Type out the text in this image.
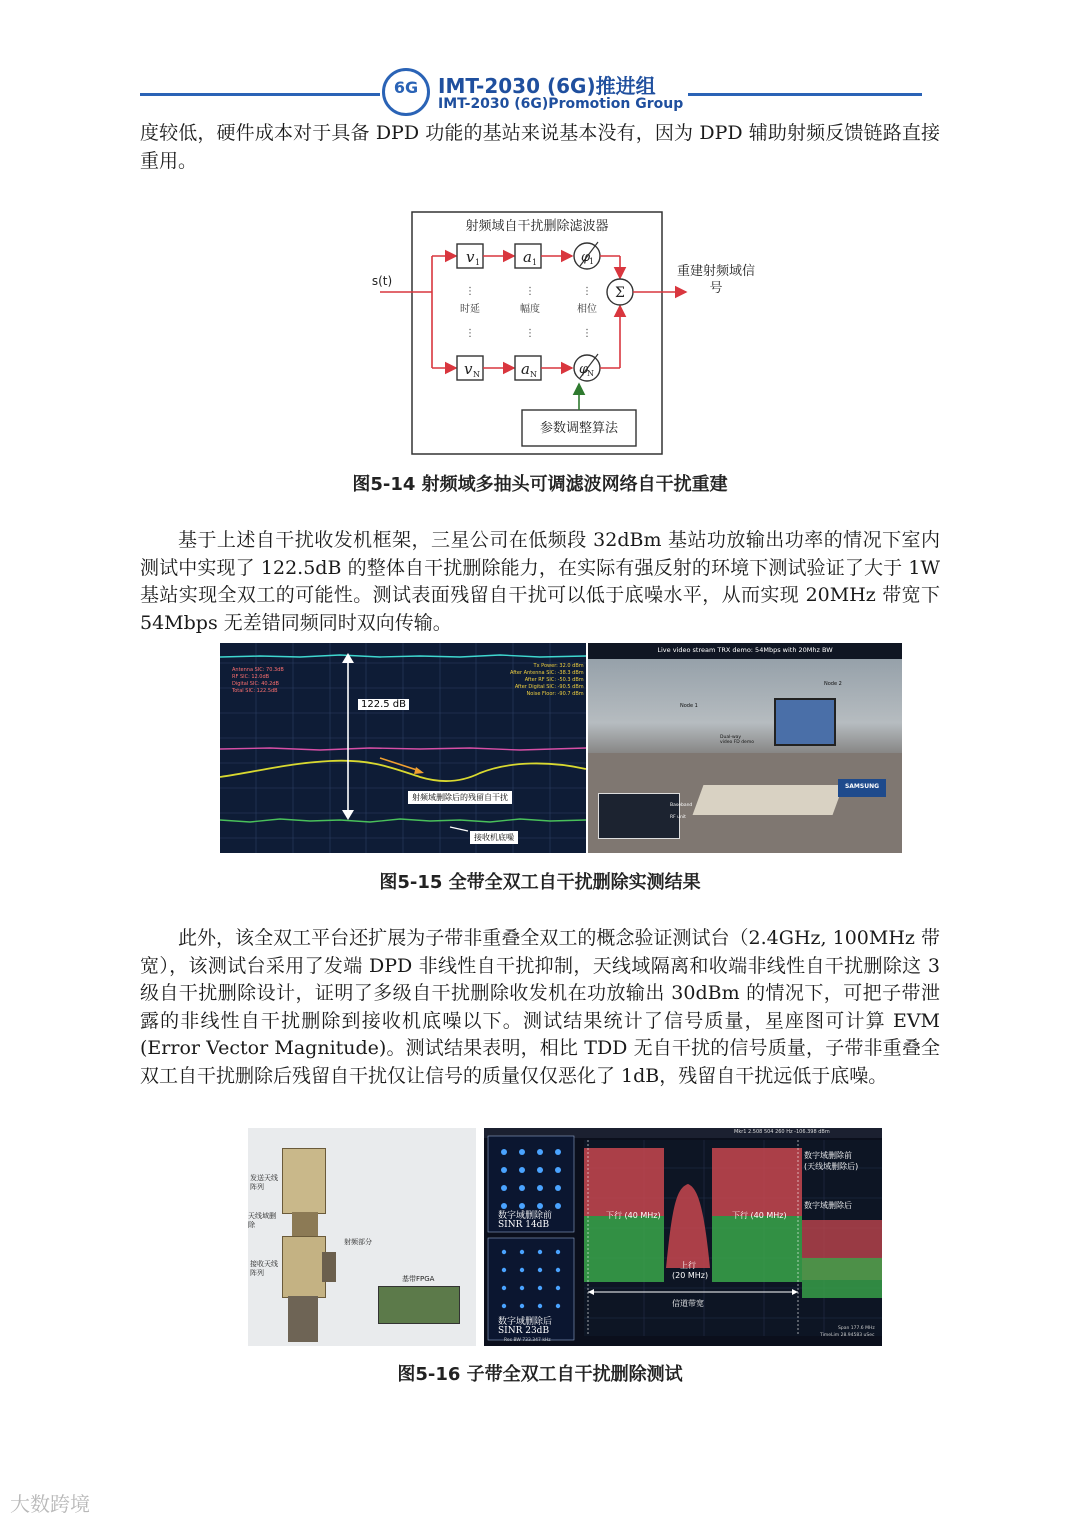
6G IMT-2030 (6G)推进组
IMT-2030 (6G)Promotion Group

度较低，硬件成本对于具备 DPD 功能的基站来说基本没有，因为 DPD 辅助射频反馈链路直接重用。

射频域自干扰删除滤波器
s(t)
重建射频域信
号
v 1	a 1	φ
1
v N	a N	φ
N
Σ
⋮
时延
⋮
⋮
幅度
⋮
⋮
相位
⋮
参数调整算法
图5-14 射频域多抽头可调滤波网络自干扰重建

基于上述自干扰收发机框架，三星公司在低频段 32dBm 基站功放输出功率的情况下室内测试中实现了 122.5dB 的整体自干扰删除能力，在实际有强反射的环境下测试验证了大于 1W 基站实现全双工的可能性。测试表面残留自干扰可以低于底噪水平，从而实现 20MHz 带宽下 54Mbps 无差错同频同时双向传输。

122.5 dB
Antenna SIC: 70.3dB
RF SIC: 12.0dB
Digital SIC: 40.2dB
Total SIC: 122.5dB
Tx Power: 32.0 dBm
After Antenna SIC: -38.3 dBm
After RF SIC: -50.3 dBm
After Digital SIC: -90.5 dBm
Noise Floor: -90.7 dBm
射频域删除后的残留自干扰
接收机底噪
Live video stream TRX demo: 54Mbps with 20Mhz BW
SAMSUNG
Node 1
Node 2
Dual-way video FD demo
Baseband
RF unit
图5-15 全带全双工自干扰删除实测结果

此外，该全双工平台还扩展为子带非重叠全双工的概念验证测试台（2.4GHz, 100MHz 带宽），该测试台采用了发端 DPD 非线性自干扰抑制，天线域隔离和收端非线性自干扰删除这 3 级自干扰删除设计，证明了多级自干扰删除收发机在功放输出 30dBm 的情况下，可把子带泄露的非线性自干扰删除到接收机底噪以下。测试结果统计了信号质量，星座图可计算 EVM (Error Vector Magnitude)。测试结果表明，相比 TDD 无自干扰的信号质量，子带非重叠全双工自干扰删除后残留自干扰仅让信号的质量仅仅恶化了 1dB，残留自干扰远低于底噪。

发送天线阵列
天线域删除
射频部分
接收天线阵列
基带FPGA
Mkr1 2.508 504 260 Hz -106.398 dBm
数字域删除前
SINR 14dB
数字域删除后
SINR 23dB
下行 (40 MHz)	下行 (40 MHz)
上行
(20 MHz)
信道带宽
数字域删除前
(天线域删除后)
数字域删除后
Span 177.6 MHz
TimeLim 28.94583 uSec
Res BW 733.347 kHz
图5-16 子带全双工自干扰删除测试
大数跨境
